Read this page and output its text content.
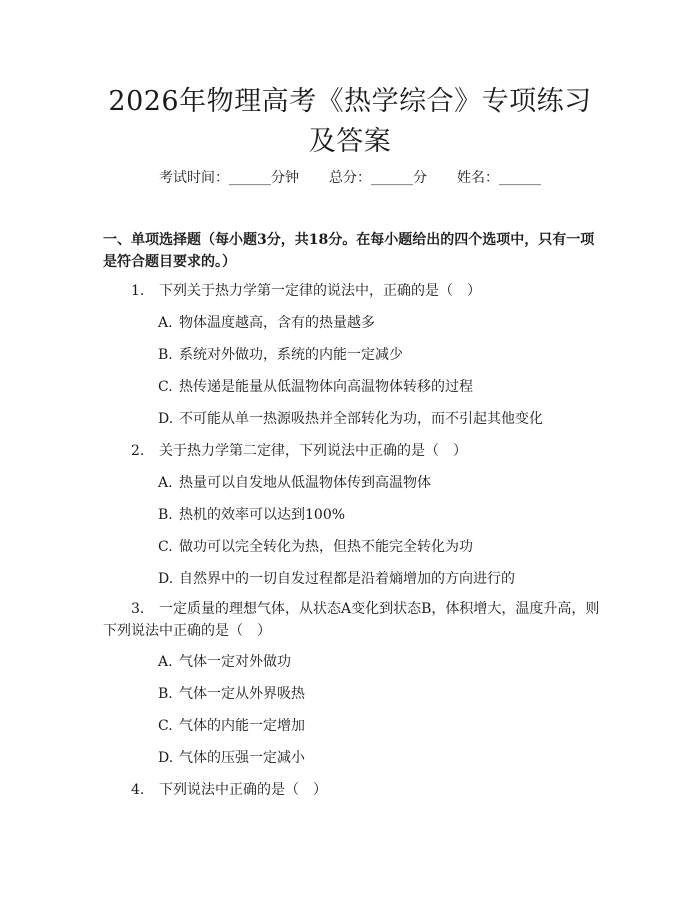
2026年物理高考《热学综合》专项练习及答案
考试时间：______分钟 总分：______分 姓名：______
一、单项选择题（每小题3分，共18分。在每小题给出的四个选项中，只有一项是符合题目要求的。）
1. 下列关于热力学第一定律的说法中，正确的是（　）
A. 物体温度越高，含有的热量越多
B. 系统对外做功，系统的内能一定减少
C. 热传递是能量从低温物体向高温物体转移的过程
D. 不可能从单一热源吸热并全部转化为功，而不引起其他变化
2. 关于热力学第二定律，下列说法中正确的是（　）
A. 热量可以自发地从低温物体传到高温物体
B. 热机的效率可以达到100%
C. 做功可以完全转化为热，但热不能完全转化为功
D. 自然界中的一切自发过程都是沿着熵增加的方向进行的
3. 一定质量的理想气体，从状态A变化到状态B，体积增大，温度升高，则下列说法中正确的是（　）
A. 气体一定对外做功
B. 气体一定从外界吸热
C. 气体的内能一定增加
D. 气体的压强一定减小
4. 下列说法中正确的是（　）
